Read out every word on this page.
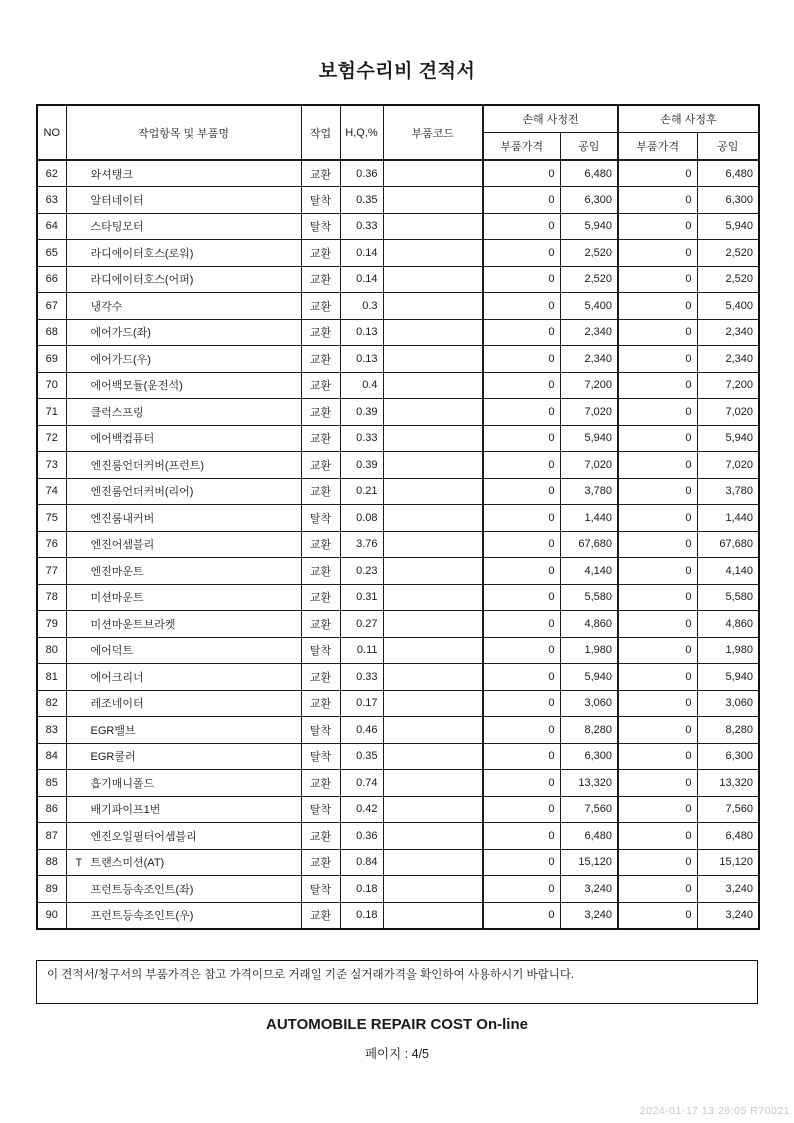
보험수리비 견적서
NO	작업항목 및 부품명	작업	H,Q,%	부품코드	손해 사정전		손해 사정후	
					부품가격	공임	부품가격	공임
62	와셔탱크	교환	0.36		0	6,480	0	6,480
63	알터네이터	탈착	0.35		0	6,300	0	6,300
64	스타팅모터	탈착	0.33		0	5,940	0	5,940
65	라디에이터호스(로워)	교환	0.14		0	2,520	0	2,520
66	라디에이터호스(어퍼)	교환	0.14		0	2,520	0	2,520
67	냉각수	교환	0.3		0	5,400	0	5,400
68	에어가드(좌)	교환	0.13		0	2,340	0	2,340
69	에어가드(우)	교환	0.13		0	2,340	0	2,340
70	에어백모듈(운전석)	교환	0.4		0	7,200	0	7,200
71	클럭스프링	교환	0.39		0	7,020	0	7,020
72	에어백컴퓨터	교환	0.33		0	5,940	0	5,940
73	엔진룸언더커버(프런트)	교환	0.39		0	7,020	0	7,020
74	엔진룸언더커버(리어)	교환	0.21		0	3,780	0	3,780
75	엔진룸내커버	탈착	0.08		0	1,440	0	1,440
76	엔진어셈블리	교환	3.76		0	67,680	0	67,680
77	엔진마운트	교환	0.23		0	4,140	0	4,140
78	미션마운트	교환	0.31		0	5,580	0	5,580
79	미션마운트브라켓	교환	0.27		0	4,860	0	4,860
80	에어덕트	탈착	0.11		0	1,980	0	1,980
81	에어크리너	교환	0.33		0	5,940	0	5,940
82	레조네이터	교환	0.17		0	3,060	0	3,060
83	EGR밸브	탈착	0.46		0	8,280	0	8,280
84	EGR쿨러	탈착	0.35		0	6,300	0	6,300
85	흡기매니폴드	교환	0.74		0	13,320	0	13,320
86	배기파이프1번	탈착	0.42		0	7,560	0	7,560
87	엔진오일필터어셈블리	교환	0.36		0	6,480	0	6,480
88	T 트랜스미션(AT)	교환	0.84		0	15,120	0	15,120
89	프런트등속조인트(좌)	탈착	0.18		0	3,240	0	3,240
90	프런트등속조인트(우)	교환	0.18		0	3,240	0	3,240
이 견적서/청구서의 부품가격은 참고 가격이므로 거래일 기준 실거래가격을 확인하여 사용하시기 바랍니다.
AUTOMOBILE REPAIR COST On-line
페이지 : 4/5
2024-01-17 13:26:05 R70021
